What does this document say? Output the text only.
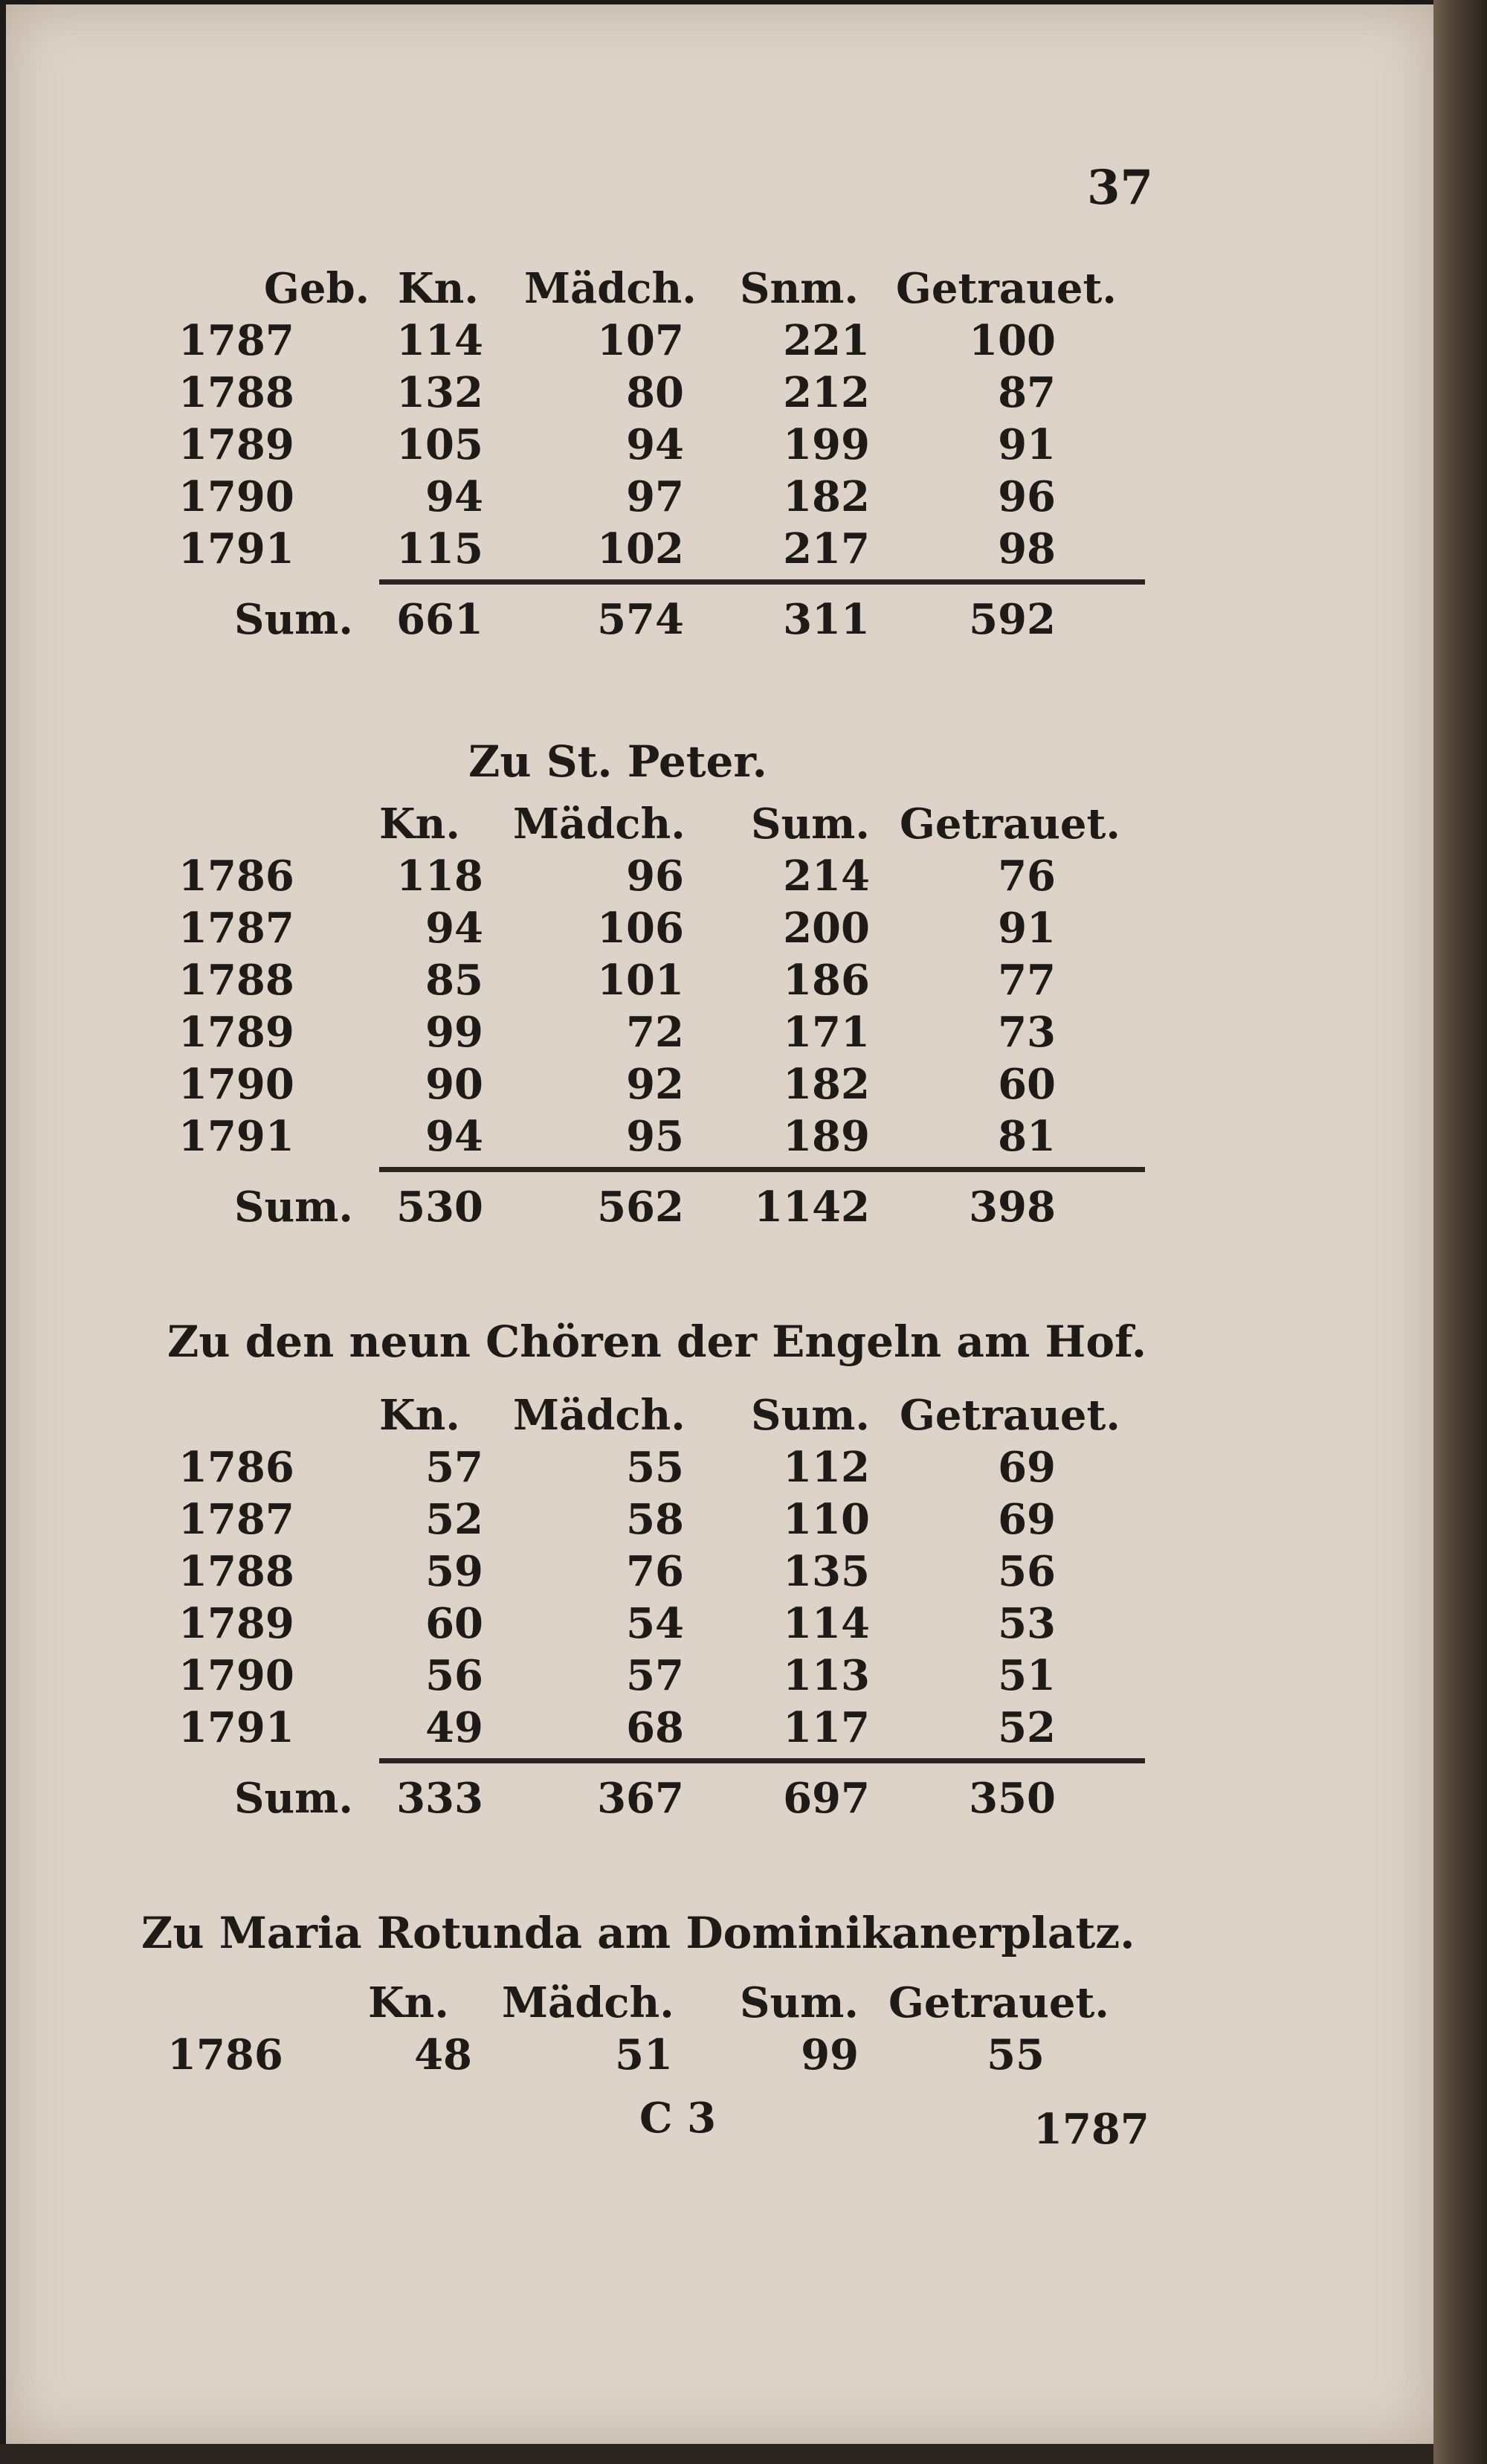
37
Geb. Kn. Mädch. Snm. Getrauet.
1787 114	107	221	100
1788 132	80	212	87
1789 105	94	199	91
1790	94	97	182	96
1791 115	102	217	98
Sum. 661	574	311	592
Zu St. Peter.
Kn. Mädch. Sum. Getrauet.
1786 118	96	214	76
1787	94	106	200	91
1788	85	101	186	77
1789	99	72	171	73
1790	90	92	182	60
1791	94	95	189	81
Sum. 530	562 1142	398
Zu den neun Chören der Engeln am Hof.
Kn. Mädch. Sum. Getrauet.
1786	57	55	112	69
1787	52	58	110	69
1788	59	76	135	56
1789	60	54	114	53
1790	56	57	113	51
1791	49	68	117	52
Sum. 333	367	697	350
Zu Maria Rotunda am Dominikanerplatz.
Kn. Mädch. Sum. Getrauet.
1786	48	51	99	55
C 3	1787
